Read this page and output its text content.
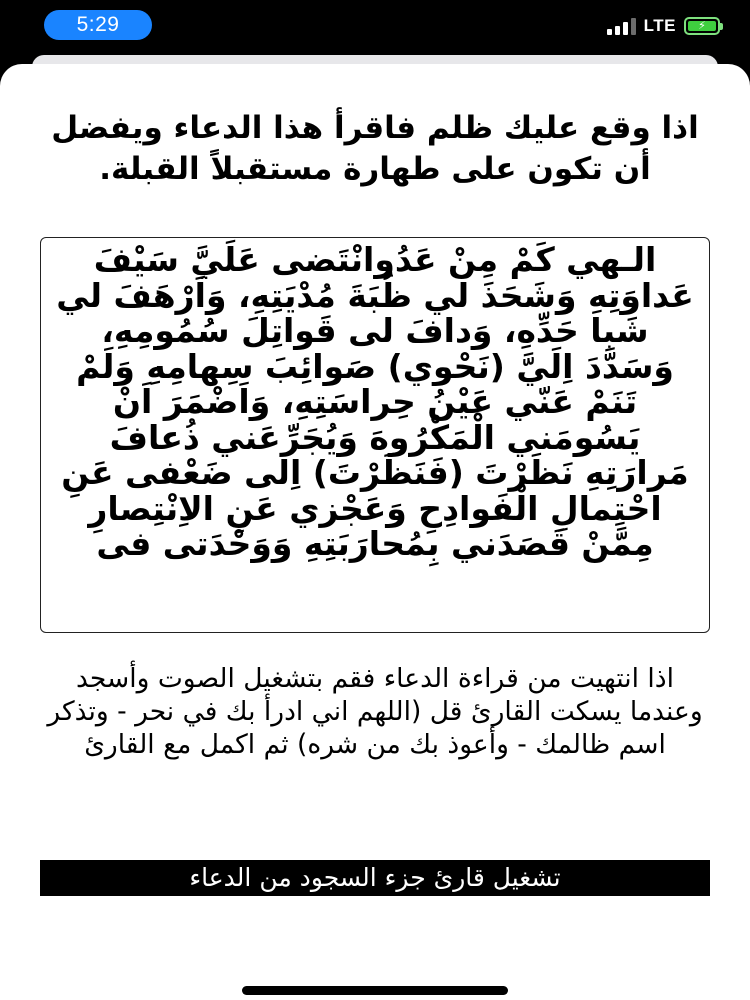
5:29	LTE	⚡

اذا وقع عليك ظلم فاقرأ هذا الدعاء ويفضل أن تكون على طهارة مستقبلاً القبلة.

الـهي كَمْ مِنْ عَدُوانْتَضى عَلَيَّ سَيْفَ عَداوَتِهِ وَشَحَذَ لي ظُبَةَ مُدْيَتِهِ، وَاَرْهَفَ لي شَبا حَدِّهِ، وَدافَ لى قَواتِلَ سُمُومِهِ، وَسَدَّدَ اِلَيَّ (نَحْوي) صَوائِبَ سِهامِهِ وَلَمْ تَنَمْ عَنّي عَيْنُ حِراسَتِهِ، وَاَضْمَرَ اَنْ يَسُومَني الْمَكْرُوهَ وَيُجَرِّعَني ذُعافَ مَرارَتِهِ نَظَرْتَ (فَنَظَرْتَ) اِلى ضَعْفى عَنِ احْتِمالِ الْفَوادِحِ وَعَجْزي عَنِ الاِنْتِصارِ مِمَّنْ قَصَدَني بِمُحارَبَتِهِ وَوَحْدَتى فى

اذا انتهيت من قراءة الدعاء فقم بتشغيل الصوت وأسجد وعندما يسكت القارئ قل (اللهم اني ادرأ بك في نحر - وتذكر اسم ظالمك - وأعوذ بك من شره) ثم اكمل مع القارئ

تشغيل قارئ جزء السجود من الدعاء
